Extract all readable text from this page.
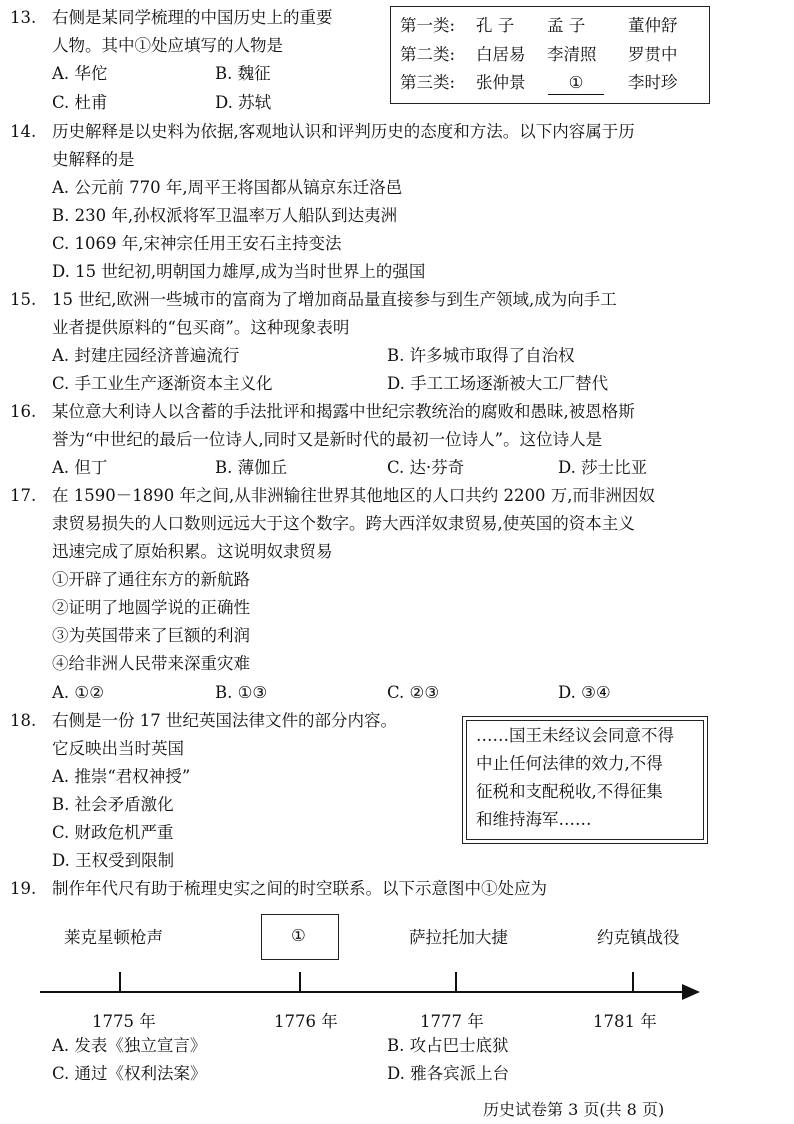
13. 右侧是某同学梳理的中国历史上的重要
人物。其中①处应填写的人物是
A. 华佗	B. 魏征
C. 杜甫	D. 苏轼
第一类: 孔 子 孟 子	董仲舒
第二类: 白居易 李清照 罗贯中
第三类: 张仲景	①	李时珍
14. 历史解释是以史料为依据,客观地认识和评判历史的态度和方法。以下内容属于历
史解释的是
A. 公元前 770 年,周平王将国都从镐京东迁洛邑
B. 230 年,孙权派将军卫温率万人船队到达夷洲
C. 1069 年,宋神宗任用王安石主持变法
D. 15 世纪初,明朝国力雄厚,成为当时世界上的强国
15. 15 世纪,欧洲一些城市的富商为了增加商品量直接参与到生产领域,成为向手工
业者提供原料的“包买商”。这种现象表明
A. 封建庄园经济普遍流行	B. 许多城市取得了自治权
C. 手工业生产逐渐资本主义化	D. 手工工场逐渐被大工厂替代
16. 某位意大利诗人以含蓄的手法批评和揭露中世纪宗教统治的腐败和愚昧,被恩格斯
誉为“中世纪的最后一位诗人,同时又是新时代的最初一位诗人”。这位诗人是
A. 但丁	B. 薄伽丘	C. 达·芬奇	D. 莎士比亚
17. 在 1590－1890 年之间,从非洲输往世界其他地区的人口共约 2200 万,而非洲因奴
隶贸易损失的人口数则远远大于这个数字。跨大西洋奴隶贸易,使英国的资本主义
迅速完成了原始积累。这说明奴隶贸易
①开辟了通往东方的新航路
②证明了地圆学说的正确性
③为英国带来了巨额的利润
④给非洲人民带来深重灾难
A. ①②	B. ①③	C. ②③	D. ③④
18. 右侧是一份 17 世纪英国法律文件的部分内容。
它反映出当时英国
A. 推崇“君权神授”
B. 社会矛盾激化
C. 财政危机严重
D. 王权受到限制
……国王未经议会同意不得
中止任何法律的效力,不得
征税和支配税收,不得征集
和维持海军……
19. 制作年代尺有助于梳理史实之间的时空联系。以下示意图中①处应为
莱克星顿枪声	①	萨拉托加大捷	约克镇战役
1775 年	1776 年	1777 年	1781 年
A. 发表《独立宣言》	B. 攻占巴士底狱
C. 通过《权利法案》	D. 雅各宾派上台
历史试卷第 3 页(共 8 页)
